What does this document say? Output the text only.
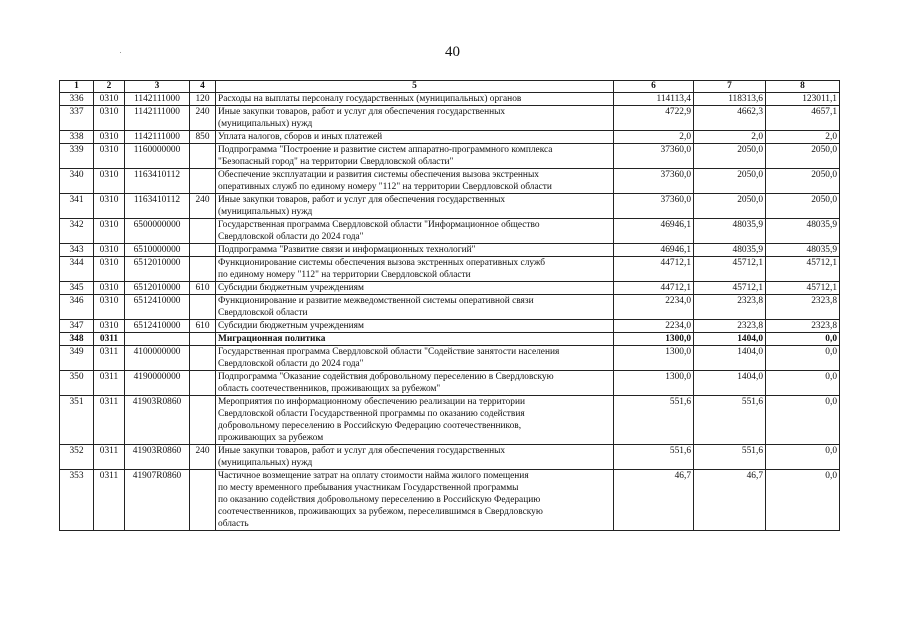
40
1	2	3	4	5	6	7	8
336	0310	1142111000	120	Расходы на выплаты персоналу государственных (муниципальных) органов	114113,4	118313,6	123011,1
337	0310	1142111000	240	Иные закупки товаров, работ и услуг для обеспечения государственных
(муниципальных) нужд	4722,9	4662,3	4657,1
338	0310	1142111000	850	Уплата налогов, сборов и иных платежей	2,0	2,0	2,0
339	0310	1160000000		Подпрограмма "Построение и развитие систем аппаратно-программного комплекса
"Безопасный город" на территории Свердловской области"	37360,0	2050,0	2050,0
340	0310	1163410112		Обеспечение эксплуатации и развития системы обеспечения вызова экстренных
оперативных служб по единому номеру "112" на территории Свердловской области	37360,0	2050,0	2050,0
341	0310	1163410112	240	Иные закупки товаров, работ и услуг для обеспечения государственных
(муниципальных) нужд	37360,0	2050,0	2050,0
342	0310	6500000000		Государственная программа Свердловской области "Информационное общество
Свердловской области до 2024 года"	46946,1	48035,9	48035,9
343	0310	6510000000		Подпрограмма "Развитие связи и информационных технологий"	46946,1	48035,9	48035,9
344	0310	6512010000		Функционирование системы обеспечения вызова экстренных оперативных служб
по единому номеру "112" на территории Свердловской области	44712,1	45712,1	45712,1
345	0310	6512010000	610	Субсидии бюджетным учреждениям	44712,1	45712,1	45712,1
346	0310	6512410000		Функционирование и развитие межведомственной системы оперативной связи
Свердловской области	2234,0	2323,8	2323,8
347	0310	6512410000	610	Субсидии бюджетным учреждениям	2234,0	2323,8	2323,8
348	0311			Миграционная политика	1300,0	1404,0	0,0
349	0311	4100000000		Государственная программа Свердловской области "Содействие занятости населения
Свердловской области до 2024 года"	1300,0	1404,0	0,0
350	0311	4190000000		Подпрограмма "Оказание содействия добровольному переселению в Свердловскую
область соотечественников, проживающих за рубежом"	1300,0	1404,0	0,0
351	0311	41903R0860		Мероприятия по информационному обеспечению реализации на территории
Свердловской области Государственной программы по оказанию содействия
добровольному переселению в Российскую Федерацию соотечественников,
проживающих за рубежом	551,6	551,6	0,0
352	0311	41903R0860	240	Иные закупки товаров, работ и услуг для обеспечения государственных
(муниципальных) нужд	551,6	551,6	0,0
353	0311	41907R0860		Частичное возмещение затрат на оплату стоимости найма жилого помещения
по месту временного пребывания участникам Государственной программы
по оказанию содействия добровольному переселению в Российскую Федерацию
соотечественников, проживающих за рубежом, переселившимся в Свердловскую
область	46,7	46,7	0,0
